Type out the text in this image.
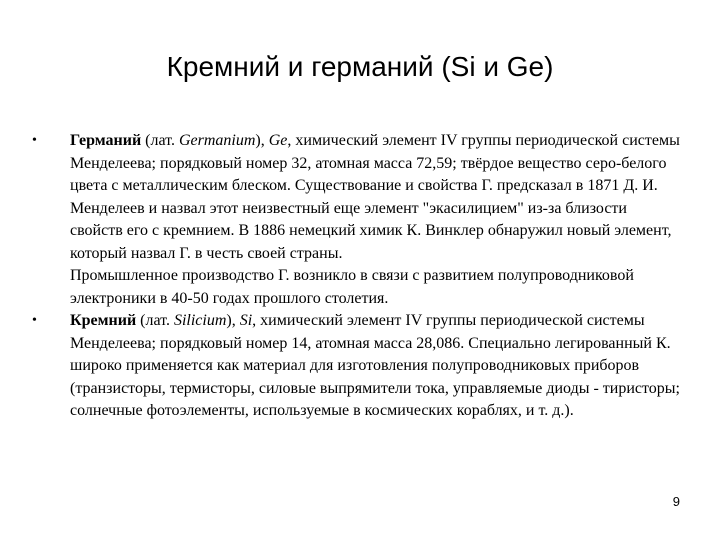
Кремний и германий (Si и Ge)
• Германий (лат. Germanium), Ge, химический элемент IV группы периодической системы Менделеева; порядковый номер 32, атомная масса 72,59; твёрдое вещество серо-белого цвета с металлическим блеском. Существование и свойства Г. предсказал в 1871 Д. И. Менделеев и назвал этот неизвестный еще элемент "экасилицием" из-за близости свойств его с кремнием. В 1886 немецкий химик К. Винклер обнаружил новый элемент, который назвал Г. в честь своей страны.

Промышленное производство Г. возникло в связи с развитием полупроводниковой электроники в 40-50 годах прошлого столетия.

• Кремний (лат. Silicium), Si, химический элемент IV группы периодической системы Менделеева; порядковый номер 14, атомная масса 28,086. Специально легированный К. широко применяется как материал для изготовления полупроводниковых приборов (транзисторы, термисторы, силовые выпрямители тока, управляемые диоды - тиристоры; солнечные фотоэлементы, используемые в космических кораблях, и т. д.).

9
